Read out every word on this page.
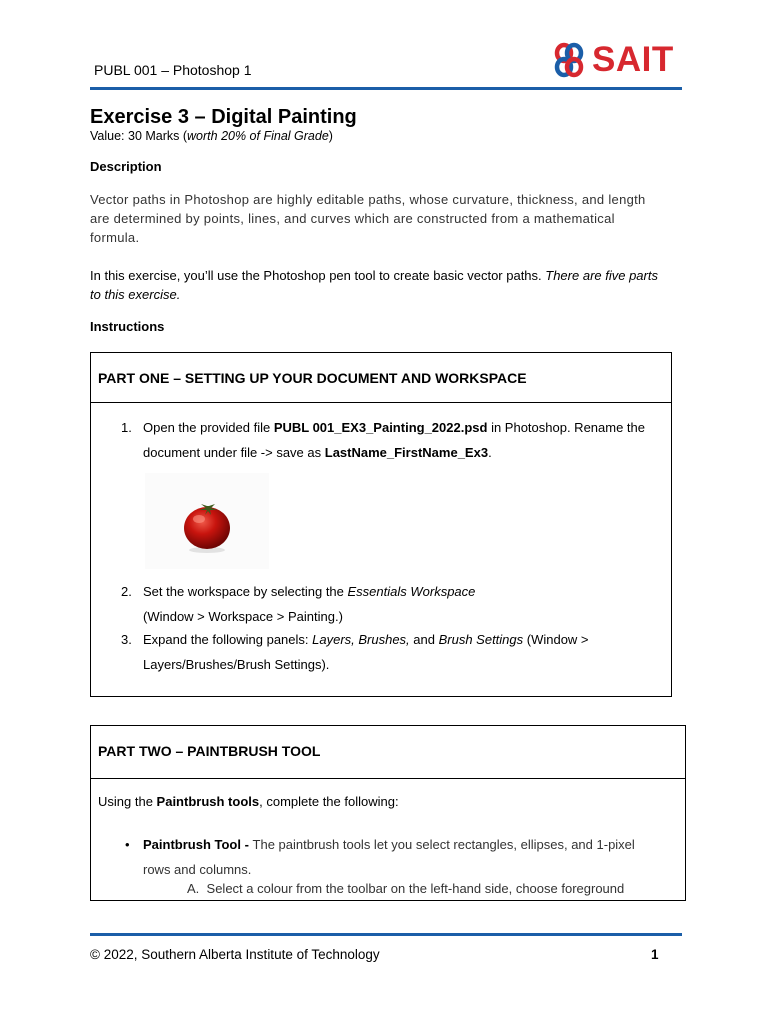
PUBL 001 – Photoshop 1	SAIT
Exercise 3 – Digital Painting
Value: 30 Marks (worth 20% of Final Grade)
Description
Vector paths in Photoshop are highly editable paths, whose curvature, thickness, and length are determined by points, lines, and curves which are constructed from a mathematical formula.
In this exercise, you’ll use the Photoshop pen tool to create basic vector paths. There are five parts to this exercise.
Instructions
PART ONE – SETTING UP YOUR DOCUMENT AND WORKSPACE
1. Open the provided file PUBL 001_EX3_Painting_2022.psd in Photoshop. Rename the document under file -> save as LastName_FirstName_Ex3.
2. Set the workspace by selecting the Essentials Workspace
(Window > Workspace > Painting.)
3. Expand the following panels: Layers, Brushes, and Brush Settings (Window > Layers/Brushes/Brush Settings).
PART TWO – PAINTBRUSH TOOL
Using the Paintbrush tools, complete the following:
• Paintbrush Tool - The paintbrush tools let you select rectangles, ellipses, and 1-pixel rows and columns.
A. Select a colour from the toolbar on the left-hand side, choose foreground
© 2022, Southern Alberta Institute of Technology	1
